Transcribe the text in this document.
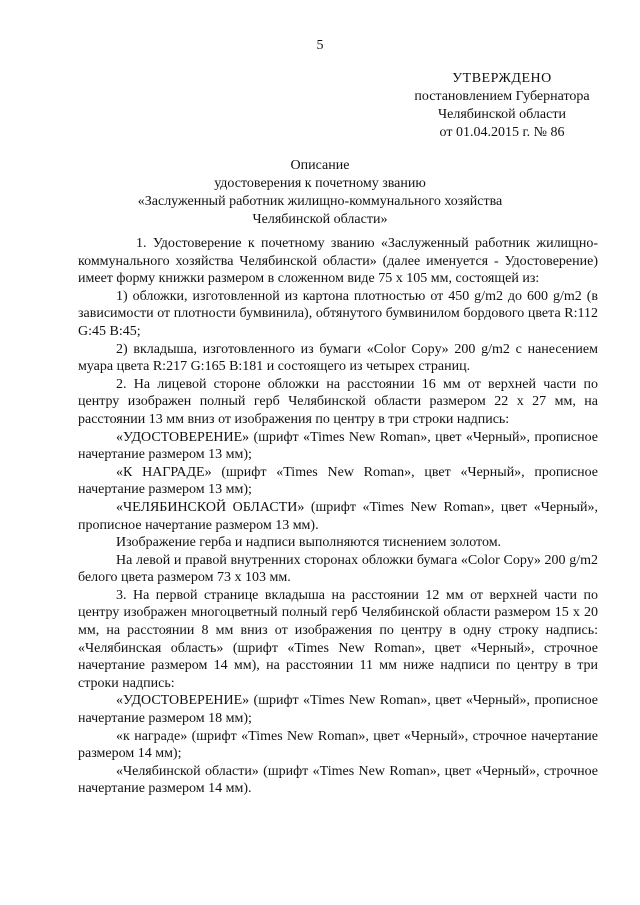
5
УТВЕРЖДЕНО
постановлением Губернатора
Челябинской области
от 01.04.2015 г. № 86
Описание
удостоверения к почетному званию
«Заслуженный работник жилищно-коммунального хозяйства
Челябинской области»

1. Удостоверение к почетному званию «Заслуженный работник жилищно-коммунального хозяйства Челябинской области» (далее именуется - Удостоверение) имеет форму книжки размером в сложенном виде 75 х 105 мм, состоящей из:

1) обложки, изготовленной из картона плотностью от 450 g/m2 до 600 g/m2 (в зависимости от плотности бумвинила), обтянутого бумвинилом бордового цвета R:112 G:45 B:45;

2) вкладыша, изготовленного из бумаги «Color Copy» 200 g/m2 с нанесением муара цвета R:217 G:165 B:181 и состоящего из четырех страниц.

2. На лицевой стороне обложки на расстоянии 16 мм от верхней части по центру изображен полный герб Челябинской области размером 22 х 27 мм, на расстоянии 13 мм вниз от изображения по центру в три строки надпись:

«УДОСТОВЕРЕНИЕ» (шрифт «Times New Roman», цвет «Черный», прописное начертание размером 13 мм);

«К НАГРАДЕ» (шрифт «Times New Roman», цвет «Черный», прописное начертание размером 13 мм);

«ЧЕЛЯБИНСКОЙ ОБЛАСТИ» (шрифт «Times New Roman», цвет «Черный», прописное начертание размером 13 мм).

Изображение герба и надписи выполняются тиснением золотом.

На левой и правой внутренних сторонах обложки бумага «Color Copy» 200 g/m2 белого цвета размером 73 х 103 мм.

3. На первой странице вкладыша на расстоянии 12 мм от верхней части по центру изображен многоцветный полный герб Челябинской области размером 15 х 20 мм, на расстоянии 8 мм вниз от изображения по центру в одну строку надпись: «Челябинская область» (шрифт «Times New Roman», цвет «Черный», строчное начертание размером 14 мм), на расстоянии 11 мм ниже надписи по центру в три строки надпись:

«УДОСТОВЕРЕНИЕ» (шрифт «Times New Roman», цвет «Черный», прописное начертание размером 18 мм);

«к награде» (шрифт «Times New Roman», цвет «Черный», строчное начертание размером 14 мм);

«Челябинской области» (шрифт «Times New Roman», цвет «Черный», строчное начертание размером 14 мм).
